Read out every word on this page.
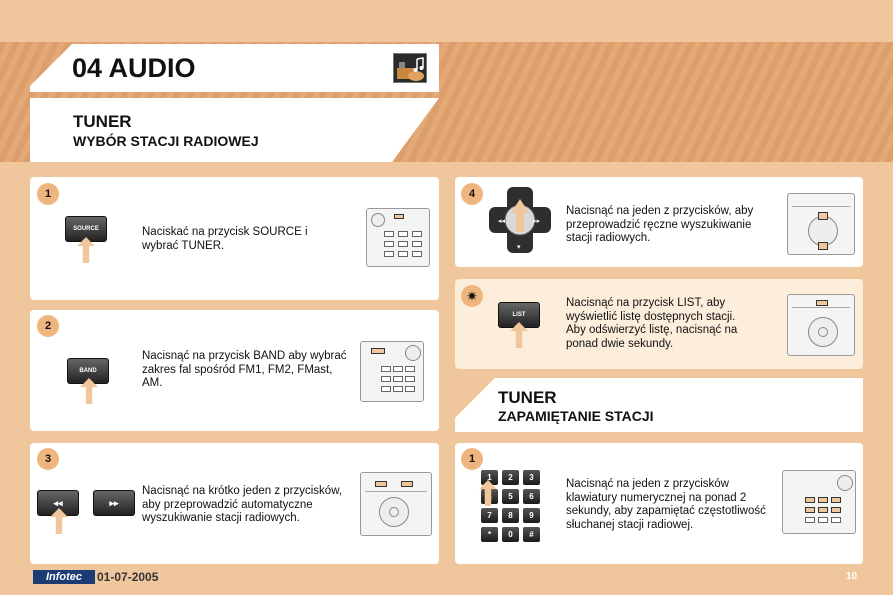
04 AUDIO
TUNER
WYBÓR STACJI RADIOWEJ
1
SOURCE	Naciskać na przycisk SOURCE i wybrać TUNER.
2
BAND
Nacisnąć na przycisk BAND aby wybrać zakres fal spośród FM1, FM2, FMast, AM.
3
◂◂	▸▸
Nacisnąć na krótko jeden z przycisków, aby przeprowadzić automatyczne wyszukiwanie stacji radiowych.
4
◂◂	▸▸
▾
Nacisnąć na jeden z przycisków, aby przeprowadzić ręczne wyszukiwanie stacji radiowych.
✷
LIST
Nacisnąć na przycisk LIST, aby wyświetlić listę dostępnych stacji. Aby odświerzyć listę, nacisnąć na ponad dwie sekundy.
TUNER
ZAPAMIĘTANIE STACJI
1
1	2	3
5	6
7	8	9
*	0	#
Nacisnąć na jeden z przycisków klawiatury numerycznej na ponad 2 sekundy, aby zapamiętać częstotliwość słuchanej stacji radiowej.
Infotec	01-07-2005	10
